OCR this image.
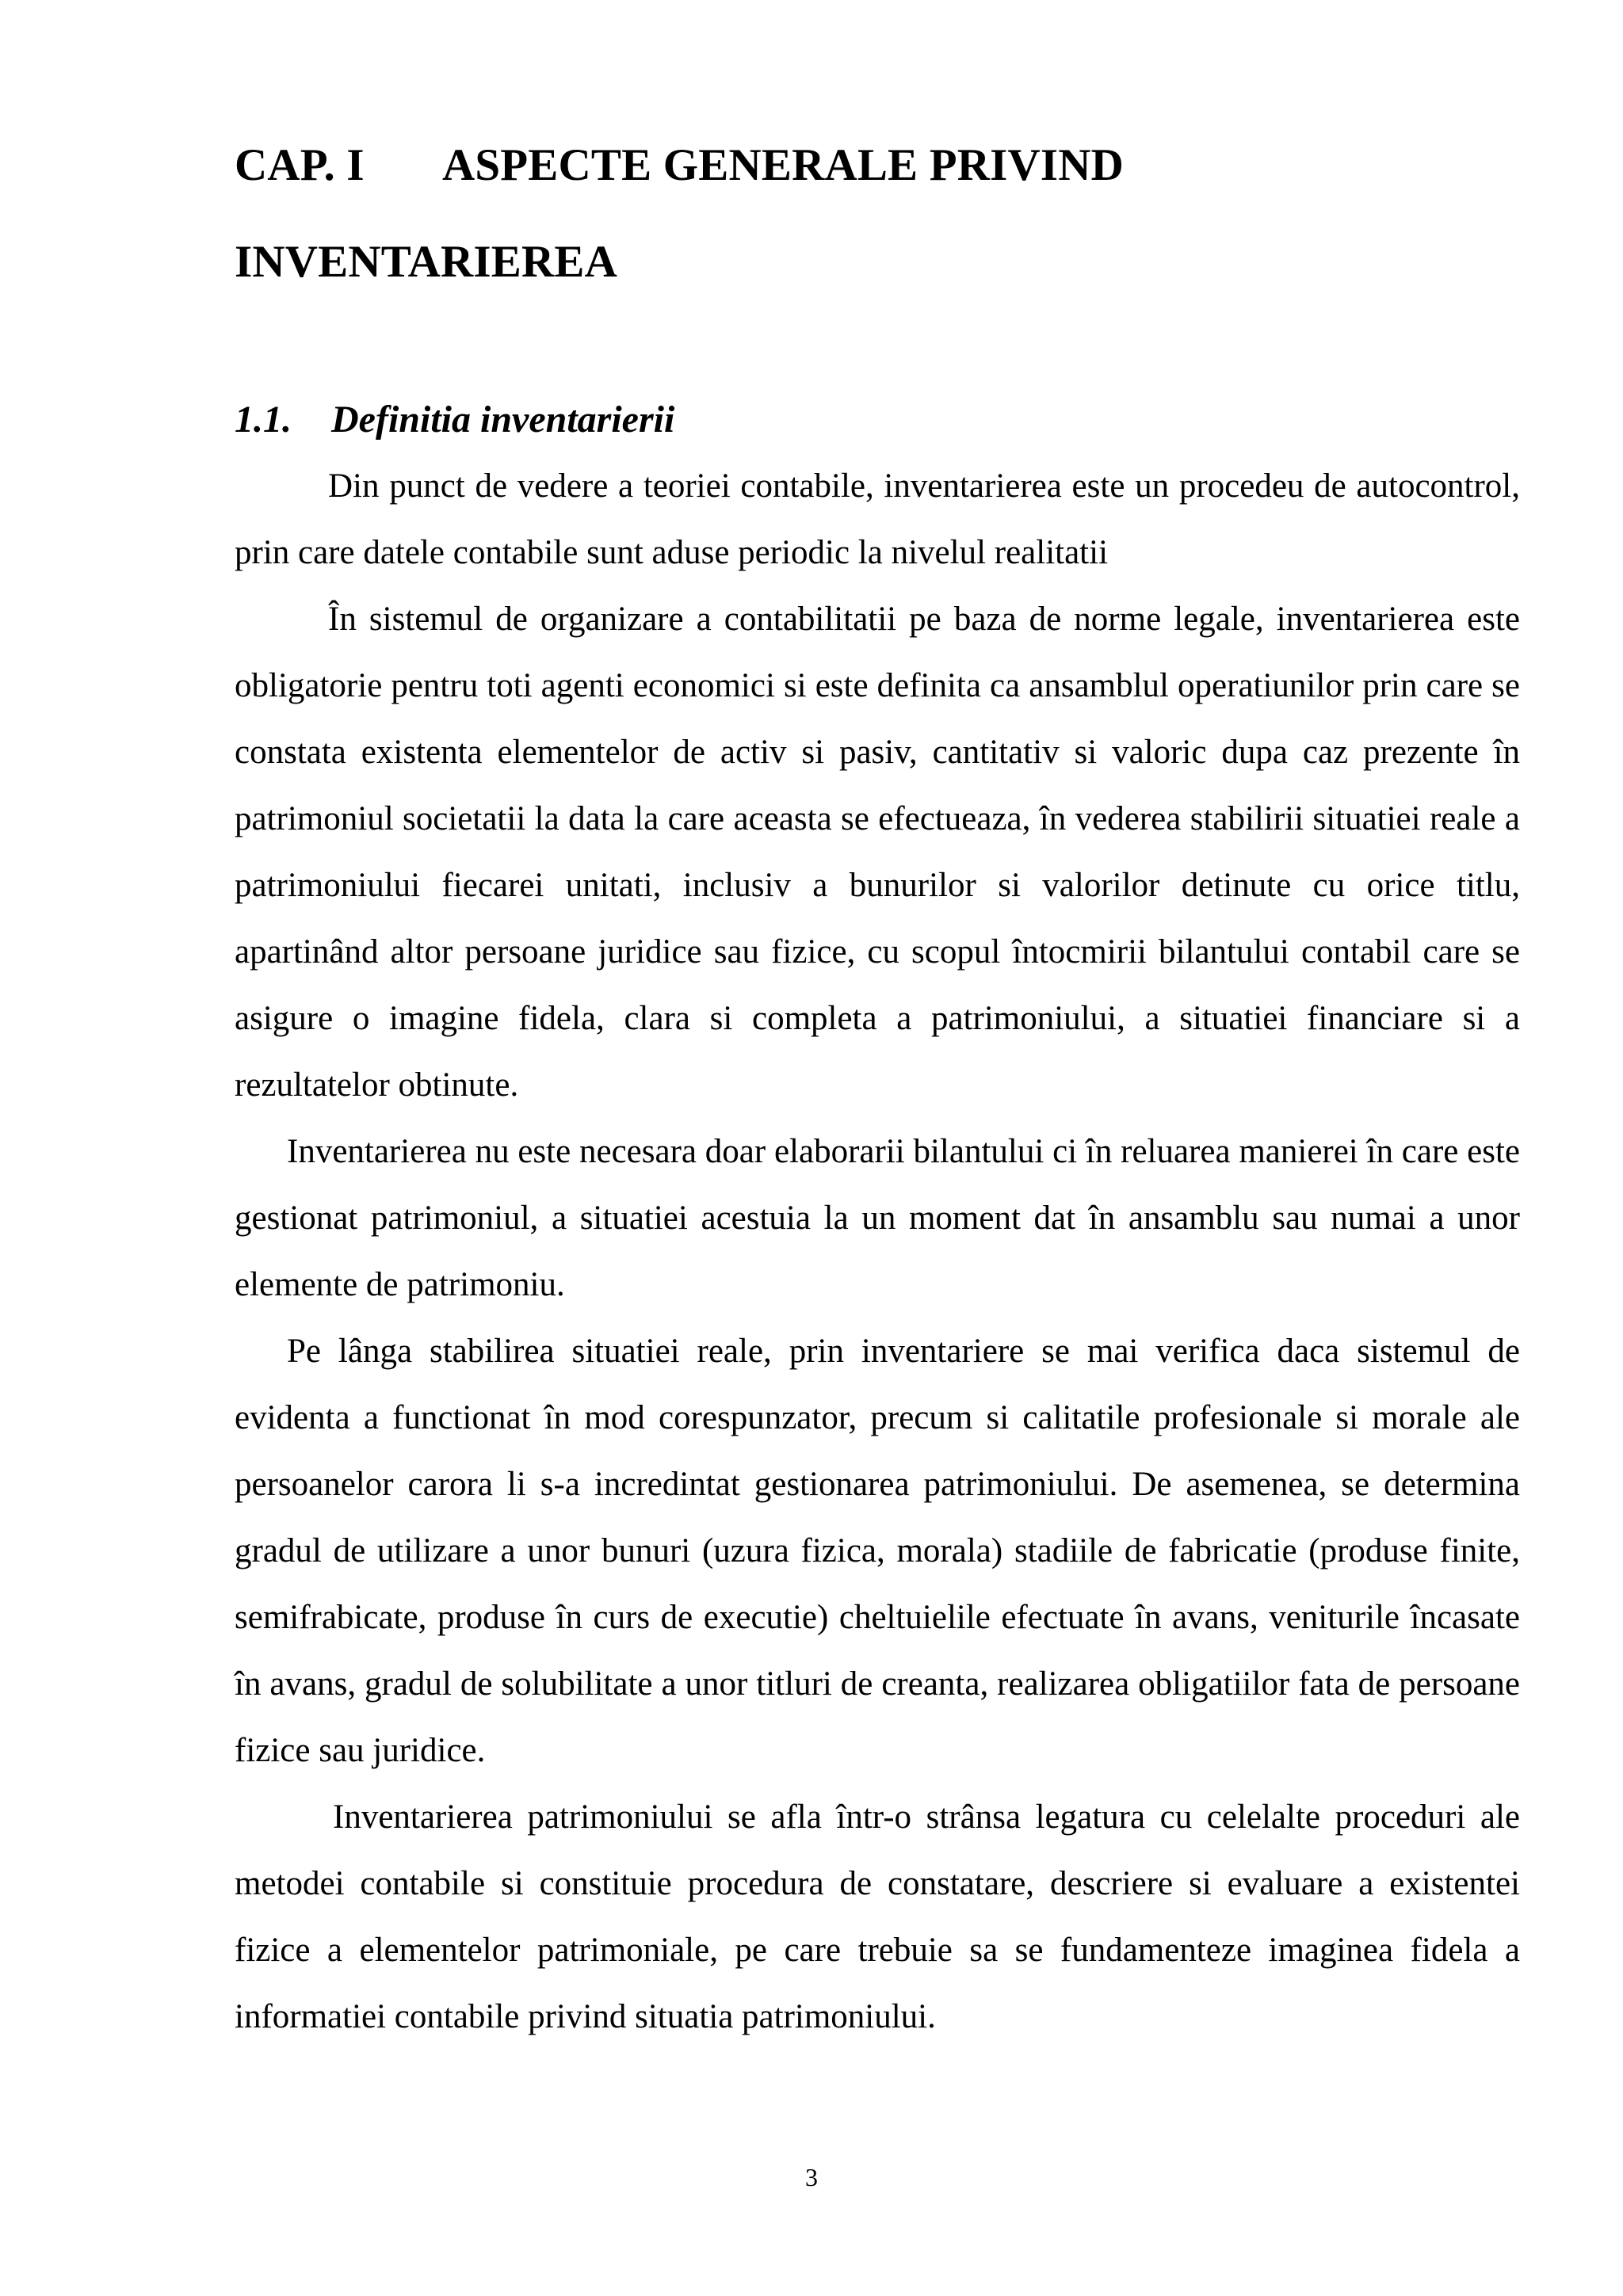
CAP. I ASPECTE GENERALE PRIVIND
INVENTARIEREA
1.1. Definitia inventarierii

Din punct de vedere a teoriei contabile, inventarierea este un procedeu de autocontrol, prin care datele contabile sunt aduse periodic la nivelul realitatii

În sistemul de organizare a contabilitatii pe baza de norme legale, inventarierea este obligatorie pentru toti agenti economici si este definita ca ansamblul operatiunilor prin care se constata existenta elementelor de activ si pasiv, cantitativ si valoric dupa caz prezente în patrimoniul societatii la data la care aceasta se efectueaza, în vederea stabilirii situatiei reale a patrimoniului fiecarei unitati, inclusiv a bunurilor si valorilor detinute cu orice titlu, apartinând altor persoane juridice sau fizice, cu scopul întocmirii bilantului contabil care se asigure o imagine fidela, clara si completa a patrimoniului, a situatiei financiare si a rezultatelor obtinute.

Inventarierea nu este necesara doar elaborarii bilantului ci în reluarea manierei în care este gestionat patrimoniul, a situatiei acestuia la un moment dat în ansamblu sau numai a unor elemente de patrimoniu.

Pe lânga stabilirea situatiei reale, prin inventariere se mai verifica daca sistemul de evidenta a functionat în mod corespunzator, precum si calitatile profesionale si morale ale persoanelor carora li s-a incredintat gestionarea patrimoniului. De asemenea, se determina gradul de utilizare a unor bunuri (uzura fizica, morala) stadiile de fabricatie (produse finite, semifrabicate, produse în curs de executie) cheltuielile efectuate în avans, veniturile încasate în avans, gradul de solubilitate a unor titluri de creanta, realizarea obligatiilor fata de persoane fizice sau juridice.

Inventarierea patrimoniului se afla într-o strânsa legatura cu celelalte proceduri ale metodei contabile si constituie procedura de constatare, descriere si evaluare a existentei fizice a elementelor patrimoniale, pe care trebuie sa se fundamenteze imaginea fidela a informatiei contabile privind situatia patrimoniului.

3
